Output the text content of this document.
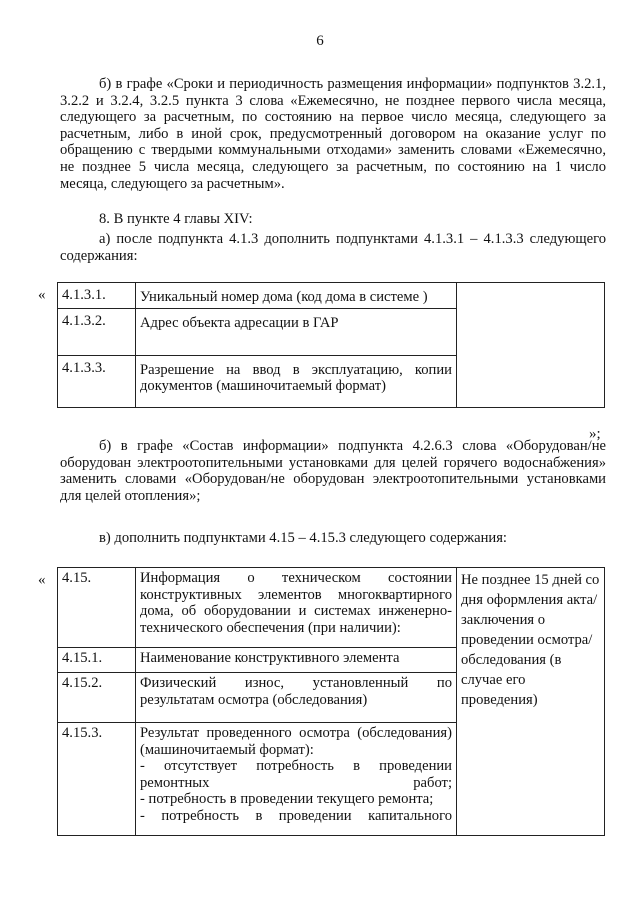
6
б) в графе «Сроки и периодичность размещения информации» подпунктов 3.2.1, 3.2.2 и 3.2.4, 3.2.5 пункта 3 слова «Ежемесячно, не позднее первого числа месяца, следующего за расчетным, по состоянию на первое число месяца, следующего за расчетным, либо в иной срок, предусмотренный договором на оказание услуг по обращению с твердыми коммунальными отходами» заменить словами «Ежемесячно, не позднее 5 числа месяца, следующего за расчетным, по состоянию на 1 число месяца, следующего за расчетным».
8. В пункте 4 главы XIV:
а) после подпункта 4.1.3 дополнить подпунктами 4.1.3.1 – 4.1.3.3 следующего содержания:
« 4.1.3.1.	Уникальный номер дома (код дома в системе )	
4.1.3.2.	Адрес объекта адресации в ГАР	
4.1.3.3.	Разрешение на ввод в эксплуатацию, копии документов (машиночитаемый формат)	
»;
б) в графе «Состав информации» подпункта 4.2.6.3 слова «Оборудован/не оборудован электроотопительными установками для целей горячего водоснабжения» заменить словами «Оборудован/не оборудован электроотопительными установками для целей отопления»;
в) дополнить подпунктами 4.15 – 4.15.3 следующего содержания:
« 4.15.	Информация о техническом состоянии конструктивных элементов многоквартирного дома, об оборудовании и системах инженерно-технического обеспечения (при наличии):	Не позднее 15 дней со дня оформления акта/заключения о проведении осмотра/ обследования (в случае его проведения)
4.15.1.	Наименование конструктивного элемента	
4.15.2.	Физический износ, установленный по результатам осмотра (обследования)	
4.15.3.	Результат проведенного осмотра (обследования) (машиночитаемый формат):
- отсутствует потребность в проведении ремонтных работ;
- потребность в проведении текущего ремонта;
- потребность в проведении капитального	
